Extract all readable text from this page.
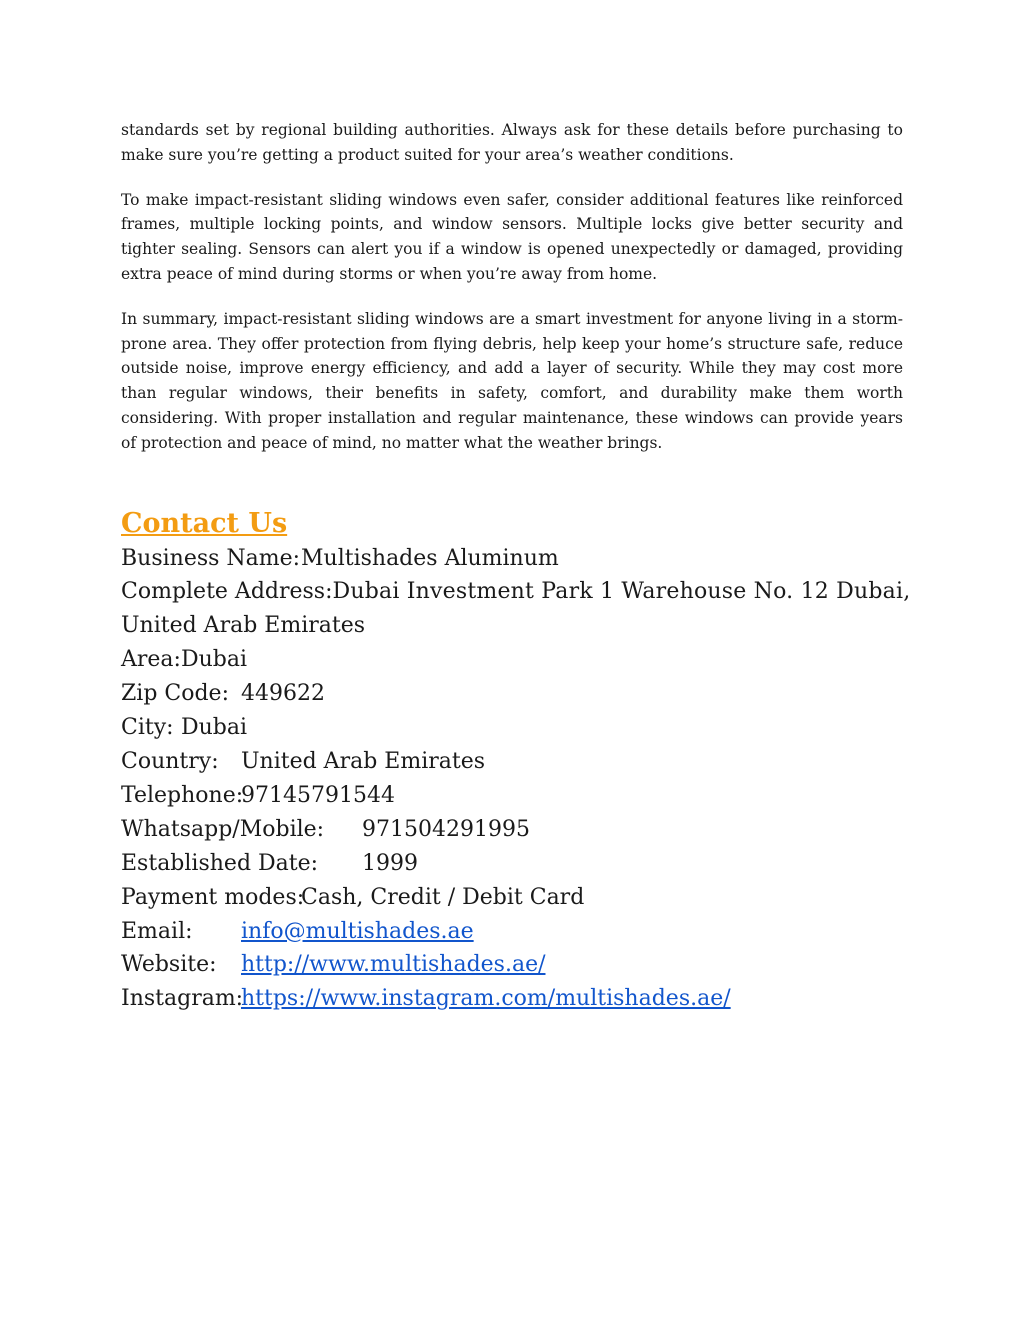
standards set by regional building authorities. Always ask for these details before purchasing to make sure you’re getting a product suited for your area’s weather conditions.

To make impact-resistant sliding windows even safer, consider additional features like reinforced frames, multiple locking points, and window sensors. Multiple locks give better security and tighter sealing. Sensors can alert you if a window is opened unexpectedly or damaged, providing extra peace of mind during storms or when you’re away from home.

In summary, impact-resistant sliding windows are a smart investment for anyone living in a storm-prone area. They offer protection from flying debris, help keep your home’s structure safe, reduce outside noise, improve energy efficiency, and add a layer of security. While they may cost more than regular windows, their benefits in safety, comfort, and durability make them worth considering. With proper installation and regular maintenance, these windows can provide years of protection and peace of mind, no matter what the weather brings.

Contact Us
Business Name: Multishades Aluminum
Complete Address: Dubai Investment Park 1 Warehouse No. 12 Dubai,
United Arab Emirates
Area: Dubai
Zip Code: 449622
City: Dubai
Country:	United Arab Emirates
Telephone:
97145791544
Whatsapp/Mobile:	971504291995
Established Date:	1999
Payment modes:
Cash, Credit / Debit Card
Email:	info@multishades.ae
Website:	http://www.multishades.ae/
Instagram:
https://www.instagram.com/multishades.ae/
